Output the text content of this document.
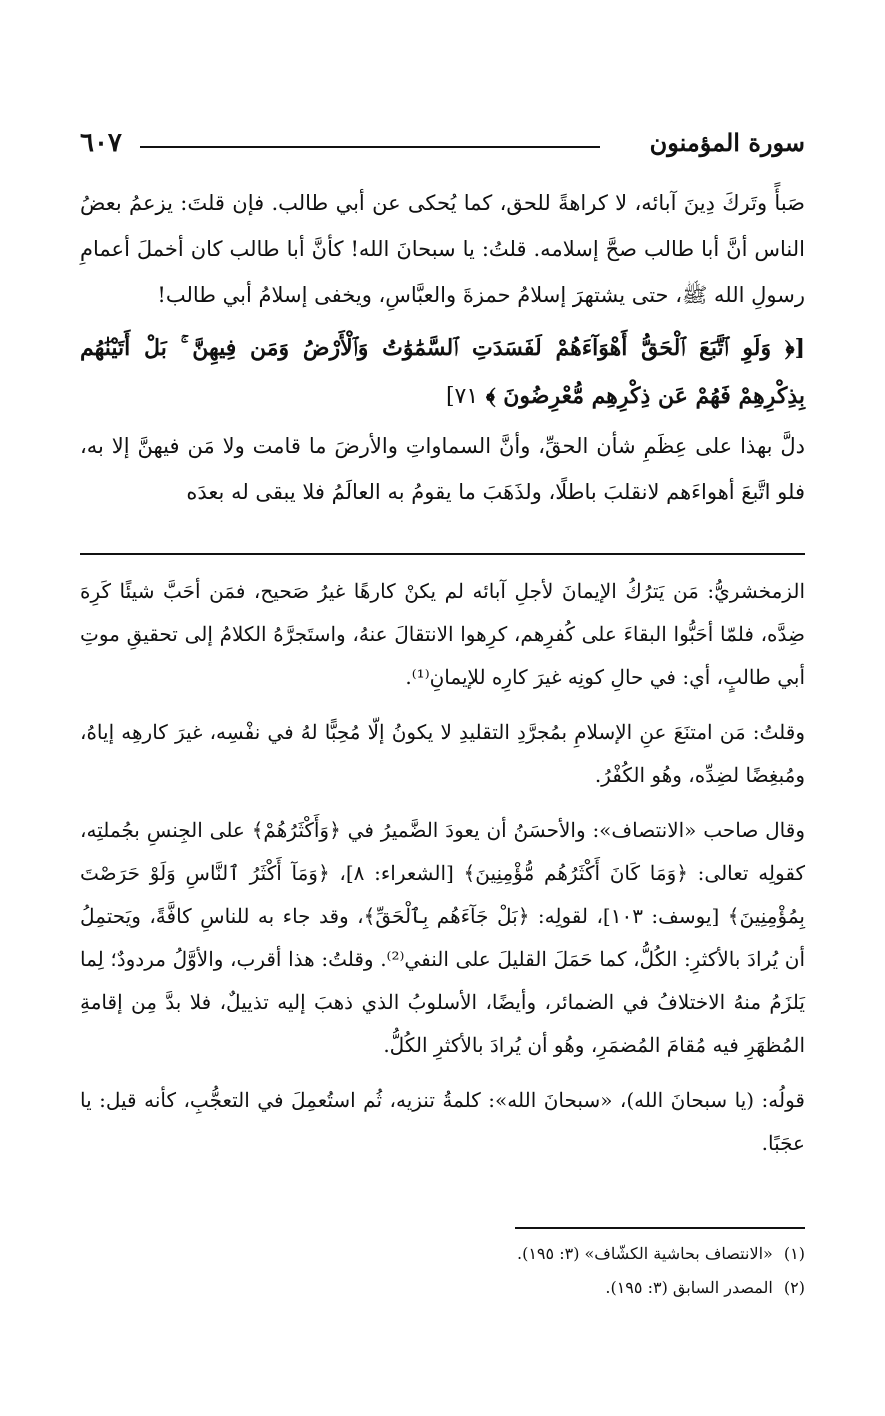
سورة المؤمنون
٦٠٧

صَبأً وتَركَ دِينَ آبائه، لا كراهةً للحق، كما يُحكى عن أبي طالب. فإن قلتَ: يزعمُ بعضُ الناس أنَّ أبا طالب صحَّ إسلامه. قلتُ: يا سبحانَ الله! كأنَّ أبا طالب كان أخملَ أعمامِ رسولِ الله ﷺ، حتى يشتهرَ إسلامُ حمزةَ والعبَّاسِ، ويخفى إسلامُ أبي طالب!

[﴿ وَلَوِ ٱتَّبَعَ ٱلْحَقُّ أَهْوَآءَهُمْ لَفَسَدَتِ ٱلسَّمَٰوَٰتُ وَٱلْأَرْضُ وَمَن فِيهِنَّ ۚ بَلْ أَتَيْنَٰهُم بِذِكْرِهِمْ فَهُمْ عَن ذِكْرِهِم مُّعْرِضُونَ ﴾ ٧١]

دلَّ بهذا على عِظَمِ شأن الحقِّ، وأنَّ السماواتِ والأرضَ ما قامت ولا مَن فيهنَّ إلا به، فلو اتَّبعَ أهواءَهم لانقلبَ باطلًا، ولذَهَبَ ما يقومُ به العالَمُ فلا يبقى له بعدَه

الزمخشريُّ: مَن يَترُكُ الإيمانَ لأجلِ آبائه لم يكنْ كارهًا غيرُ صَحيح، فمَن أحَبَّ شيئًا كَرِهَ ضِدَّه، فلمّا أحَبُّوا البقاءَ على كُفرِهم، كرِهوا الانتقالَ عنهُ، واستَجرَّهُ الكلامُ إلى تحقيقِ موتِ أبي طالبٍ، أي: في حالِ كونِه غيرَ كارِه للإيمانِ⁽¹⁾.

وقلتُ: مَن امتنَعَ عنِ الإسلامِ بمُجرَّدِ التقليدِ لا يكونُ إلّا مُحِبًّا لهُ في نفْسِه، غيرَ كارهِه إياهُ، ومُبغِضًا لضِدِّه، وهُو الكُفْرُ.

وقال صاحب «الانتصاف»: والأحسَنُ أن يعودَ الضَّميرُ في ﴿وَأَكْثَرُهُمْ﴾ على الجِنسِ بجُملتِه، كقولِه تعالى: ﴿وَمَا كَانَ أَكْثَرُهُم مُّؤْمِنِينَ﴾ [الشعراء: ٨]، ﴿وَمَآ أَكْثَرُ ٱلنَّاسِ وَلَوْ حَرَصْتَ بِمُؤْمِنِينَ﴾ [يوسف: ١٠٣]، لقولِه: ﴿بَلْ جَآءَهُم بِٱلْحَقِّ﴾، وقد جاء به للناسِ كافَّةً، ويَحتمِلُ أن يُرادَ بالأكثرِ: الكُلُّ، كما حَمَلَ القليلَ على النفي⁽²⁾. وقلتُ: هذا أقرب، والأوَّلُ مردودٌ؛ لِما يَلزَمُ منهُ الاختلافُ في الضمائر، وأيضًا، الأسلوبُ الذي ذهبَ إليه تذييلٌ، فلا بدَّ مِن إقامةِ المُظهَرِ فيه مُقامَ المُضمَرِ، وهُو أن يُرادَ بالأكثرِ الكُلُّ.

قولُه: (يا سبحانَ الله)، «سبحانَ الله»: كلمةُ تنزيه، ثُم استُعمِلَ في التعجُّبِ، كأنه قيل: يا عجَبًا.

(١) «الانتصاف بحاشية الكشّاف» (٣: ١٩٥).

(٢) المصدر السابق (٣: ١٩٥).
